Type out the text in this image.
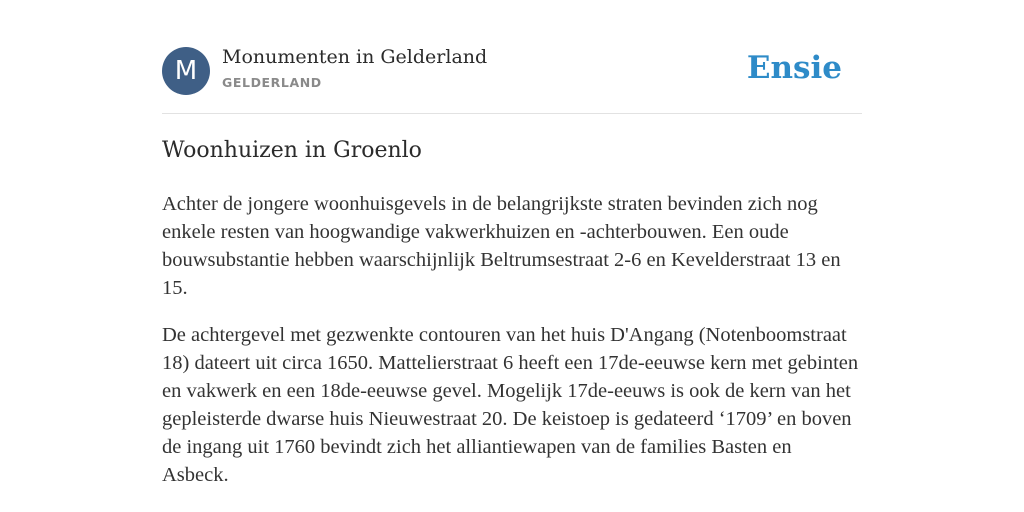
M	Monumenten in Gelderland
GELDERLAND	Ensie
Woonhuizen in Groenlo

Achter de jongere woonhuisgevels in de belangrijkste straten bevinden zich nog enkele resten van hoogwandige vakwerkhuizen en -achterbouwen. Een oude bouwsubstantie hebben waarschijnlijk Beltrumsestraat 2-6 en Kevelderstraat 13 en 15.

De achtergevel met gezwenkte contouren van het huis D'Angang (Notenboomstraat 18) dateert uit circa 1650. Mattelierstraat 6 heeft een 17de-eeuwse kern met gebinten en vakwerk en een 18de-eeuwse gevel. Mogelijk 17de-eeuws is ook de kern van het gepleisterde dwarse huis Nieuwestraat 20. De keistoep is gedateerd ‘1709’ en boven de ingang uit 1760 bevindt zich het alliantiewapen van de families Basten en Asbeck.
